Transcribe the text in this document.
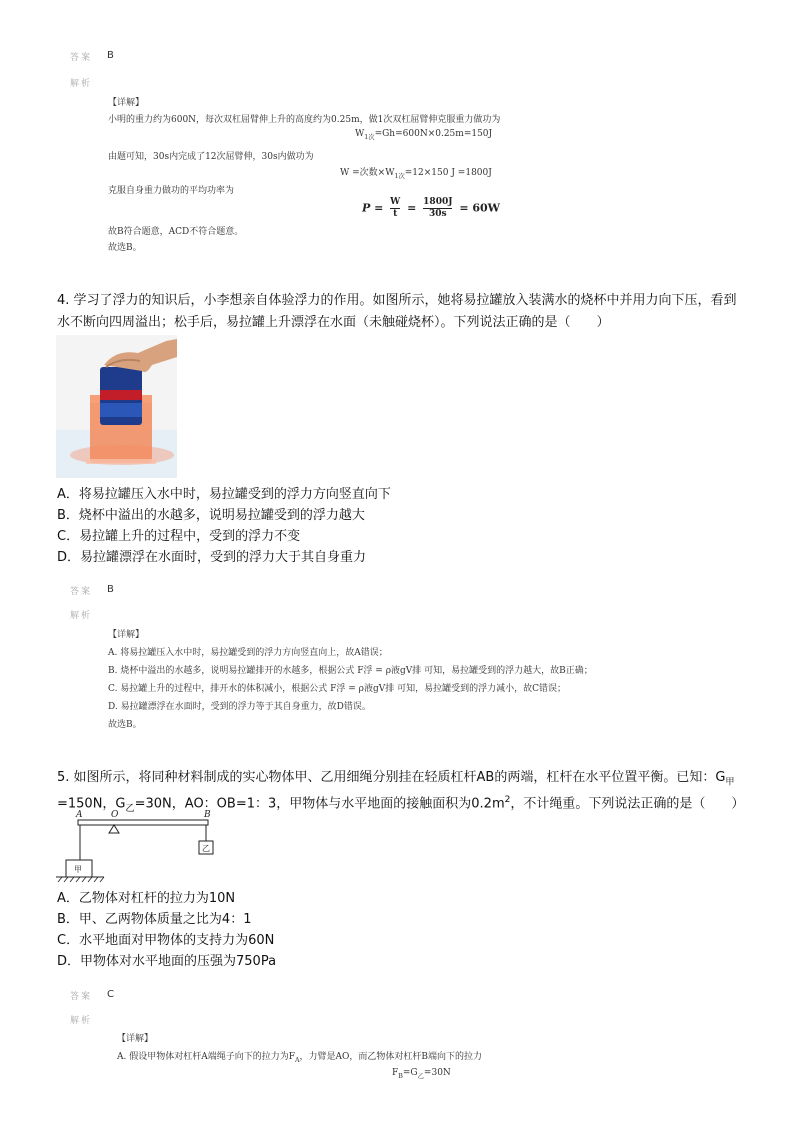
答案 B
解析
【详解】
小明的重力约为600N，每次双杠屈臂伸上升的高度约为0.25m，做1次双杠屈臂伸克服重力做功为
$W_{1次}=Gh=600N\times 0.25m=150J$
由题可知，30s内完成了12次屈臂伸，30s内做功为
W =次数$\times W_{1次}=12\times 150$ J =1800J
克服自身重力做功的平均功率为
$P = \frac{W}{t} = \frac{1800J}{30s} = 60W$
故B符合题意，ACD不符合题意。
故选B。
4. 学习了浮力的知识后，小李想亲自体验浮力的作用。如图所示，她将易拉罐放入装满水的烧杯中并用力向下压，看到
水不断向四周溢出；松手后，易拉罐上升漂浮在水面（未触碰烧杯）。下列说法正确的是（　　）
A．将易拉罐压入水中时，易拉罐受到的浮力方向竖直向下
B．烧杯中溢出的水越多，说明易拉罐受到的浮力越大
C．易拉罐上升的过程中，受到的浮力不变
D．易拉罐漂浮在水面时，受到的浮力大于其自身重力
答案 B
解析
【详解】
A. 将易拉罐压入水中时，易拉罐受到的浮力方向竖直向上，故A错误；
B. 烧杯中溢出的水越多，说明易拉罐排开的水越多，根据公式 F浮 = ρ液gV排 可知，易拉罐受到的浮力越大，故B正确；
C. 易拉罐上升的过程中，排开水的体积减小，根据公式 F浮 = ρ液gV排 可知，易拉罐受到的浮力减小，故C错误；
D. 易拉罐漂浮在水面时，受到的浮力等于其自身重力，故D错误。
故选B。
5. 如图所示，将同种材料制成的实心物体甲、乙用细绳分别挂在轻质杠杆AB的两端，杠杆在水平位置平衡。已知：$G_甲$
=150N，$G_乙=30N$，AO：OB=1：3，甲物体与水平地面的接触面积为$0.2m^2$，不计绳重。下列说法正确的是（　　）
A	O	B
乙
甲
A．乙物体对杠杆的拉力为10N
B．甲、乙两物体质量之比为4：1
C．水平地面对甲物体的支持力为60N
D．甲物体对水平地面的压强为750Pa
答案 C
解析
【详解】
A. 假设甲物体对杠杆A端绳子向下的拉力为$F_A$，力臂是AO，而乙物体对杠杆B端向下的拉力
$F_B=G_乙=30N$
